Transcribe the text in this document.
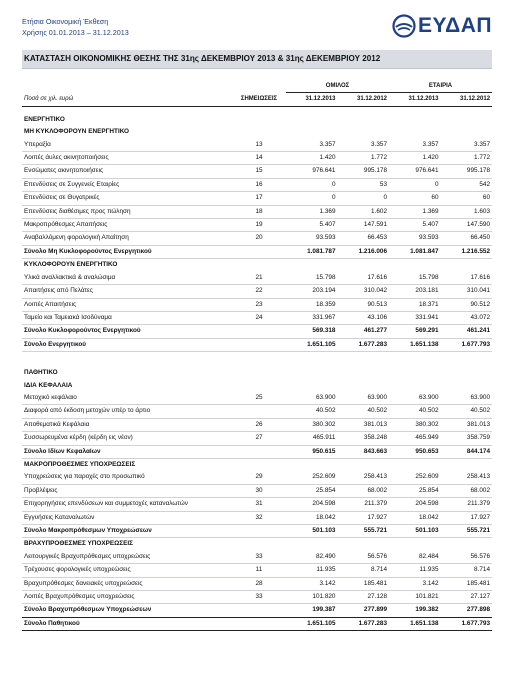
Ετήσια Οικονομική Έκθεση
Χρήσης 01.01.2013 – 31.12.2013	ΕΥΔΑΠ
ΚΑΤΑΣΤΑΣΗ ΟΙΚΟΝΟΜΙΚΗΣ ΘΕΣΗΣ ΤΗΣ 31ης ΔΕΚΕΜΒΡΙΟΥ 2013 & 31ης ΔΕΚΕΜΒΡΙΟΥ 2012
		ΟΜΙΛΟΣ		ΕΤΑΙΡΙΑ	
Ποσά σε χιλ. ευρώ	ΣΗΜΕΙΩΣΕΙΣ	31.12.2013	31.12.2012	31.12.2013	31.12.2012

ΕΝΕΡΓΗΤΙΚΟ					
ΜΗ ΚΥΚΛΟΦΟΡΟΥΝ ΕΝΕΡΓΗΤΙΚΟ					
Υπεραξία	13	3.357	3.357	3.357	3.357
Λοιπές άυλες ακινητοποιήσεις	14	1.420	1.772	1.420	1.772
Ενσώματες ακινητοποιήσεις	15	976.641	995.178	976.641	995.178
Επενδύσεις σε Συγγενείς Εταιρίες	16	0	53	0	542
Επενδύσεις σε Θυγατρικές	17	0	0	60	60
Επενδύσεις διαθέσιμες προς πώληση	18	1.369	1.602	1.369	1.603
Μακροπρόθεσμες Απαιτήσεις	19	5.407	147.591	5.407	147.590
Αναβαλλόμενη φορολογική Απαίτηση	20	93.593	66.453	93.593	66.450
Σύνολο Μη Κυκλοφορούντος Ενεργητικού		1.081.787	1.216.006	1.081.847	1.216.552
ΚΥΚΛΟΦΟΡΟΥΝ ΕΝΕΡΓΗΤΙΚΟ					
Υλικά αναλλακτικά & αναλώσιμα	21	15.798	17.616	15.798	17.616
Απαιτήσεις από Πελάτες	22	203.194	310.042	203.181	310.041
Λοιπές Απαιτήσεις	23	18.359	90.513	18.371	90.512
Ταμείο και Ταμειακά Ισοδύναμα	24	331.967	43.106	331.941	43.072
Σύνολο Κυκλοφορούντος Ενεργητικού		569.318	461.277	569.291	461.241
Σύνολο Ενεργητικού		1.651.105	1.677.283	1.651.138	1.677.793

ΠΑΘΗΤΙΚΟ					
ΙΔΙΑ ΚΕΦΑΛΑΙΑ					
Μετοχικό κεφάλαιο	25	63.900	63.900	63.900	63.900
Διαφορά από έκδοση μετοχών υπέρ το άρτιο		40.502	40.502	40.502	40.502
Αποθεματικά Κεφάλαια	26	380.302	381.013	380.302	381.013
Συσσωρευμένα κέρδη (κέρδη εις νέον)	27	465.911	358.248	465.949	358.759
Σύνολο Ιδίων Κεφαλαίων		950.615	843.663	950.653	844.174
ΜΑΚΡΟΠΡΟΘΕΣΜΕΣ ΥΠΟΧΡΕΩΣΕΙΣ					
Υποχρεώσεις για παροχές στο προσωπικό	29	252.609	258.413	252.609	258.413
Προβλέψεις	30	25.854	68.002	25.854	68.002
Επιχορηγήσεις επενδύσεων και συμμετοχές καταναλωτών	31	204.598	211.379	204.598	211.379
Εγγυήσεις Καταναλωτών	32	18.042	17.927	18.042	17.927
Σύνολο Μακροπρόθεσμων Υποχρεώσεων		501.103	555.721	501.103	555.721
ΒΡΑΧΥΠΡΟΘΕΣΜΕΣ ΥΠΟΧΡΕΩΣΕΙΣ					
Λειτουργικές Βραχυπρόθεσμες υποχρεώσεις	33	82.490	56.576	82.484	56.576
Τρέχουσες φορολογικές υποχρεώσεις	11	11.935	8.714	11.935	8.714
Βραχυπρόθεσμες δανειακές υποχρεώσεις	28	3.142	185.481	3.142	185.481
Λοιπές Βραχυπρόθεσμες υποχρεώσεις	33	101.820	27.128	101.821	27.127
Σύνολο Βραχυπρόθεσμων Υποχρεώσεων		199.387	277.899	199.382	277.898
Σύνολο Παθητικού		1.651.105	1.677.283	1.651.138	1.677.793
